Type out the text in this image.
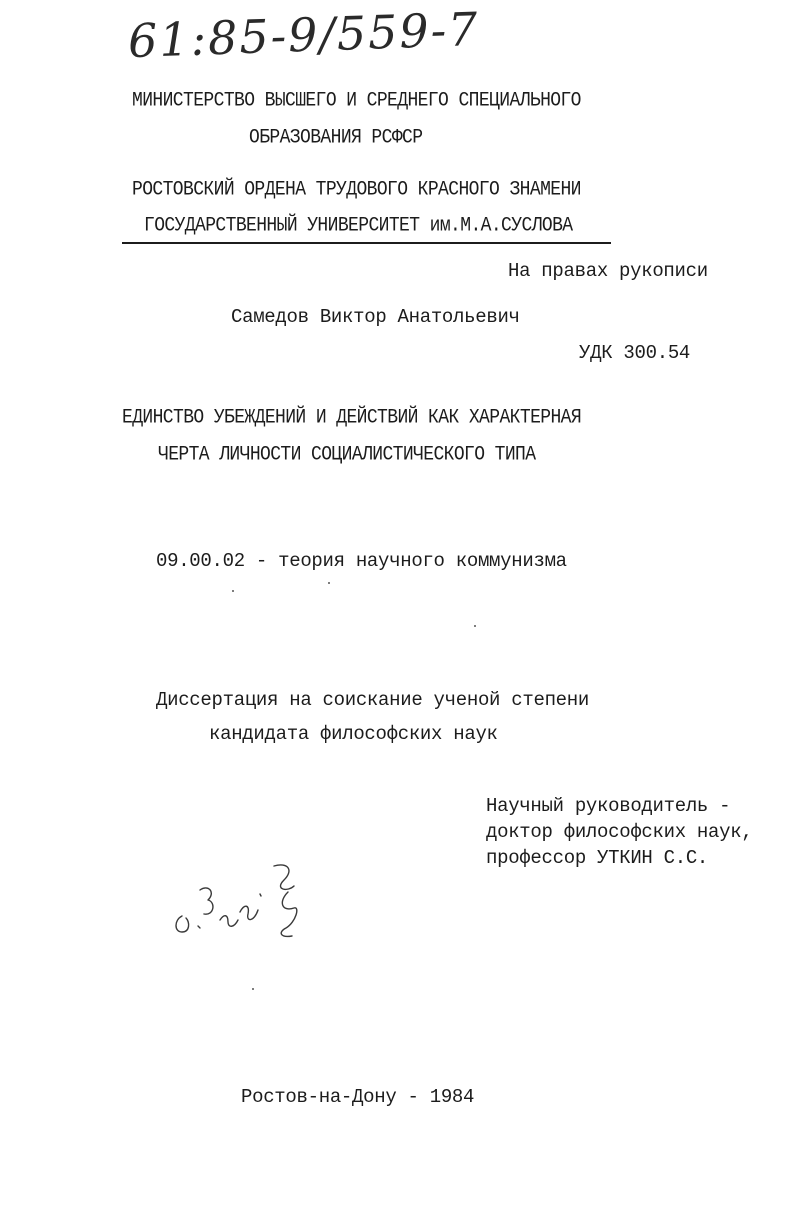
61:85-9/559-7
МИНИСТЕРСТВО ВЫСШЕГО И СРЕДНЕГО СПЕЦИАЛЬНОГО
ОБРАЗОВАНИЯ РСФСР
РОСТОВСКИЙ ОРДЕНА ТРУДОВОГО КРАСНОГО ЗНАМЕНИ
ГОСУДАРСТВЕННЫЙ УНИВЕРСИТЕТ им.М.А.СУСЛОВА
На правах рукописи
Самедов Виктор Анатольевич
УДК 300.54
ЕДИНСТВО УБЕЖДЕНИЙ И ДЕЙСТВИЙ КАК ХАРАКТЕРНАЯ
ЧЕРТА ЛИЧНОСТИ СОЦИАЛИСТИЧЕСКОГО ТИПА
09.00.02 - теория научного коммунизма
Диссертация на соискание ученой степени
кандидата философских наук
Научный руководитель -
доктор философских наук,
профессор УТКИН С.С.
Ростов-на-Дону - 1984
